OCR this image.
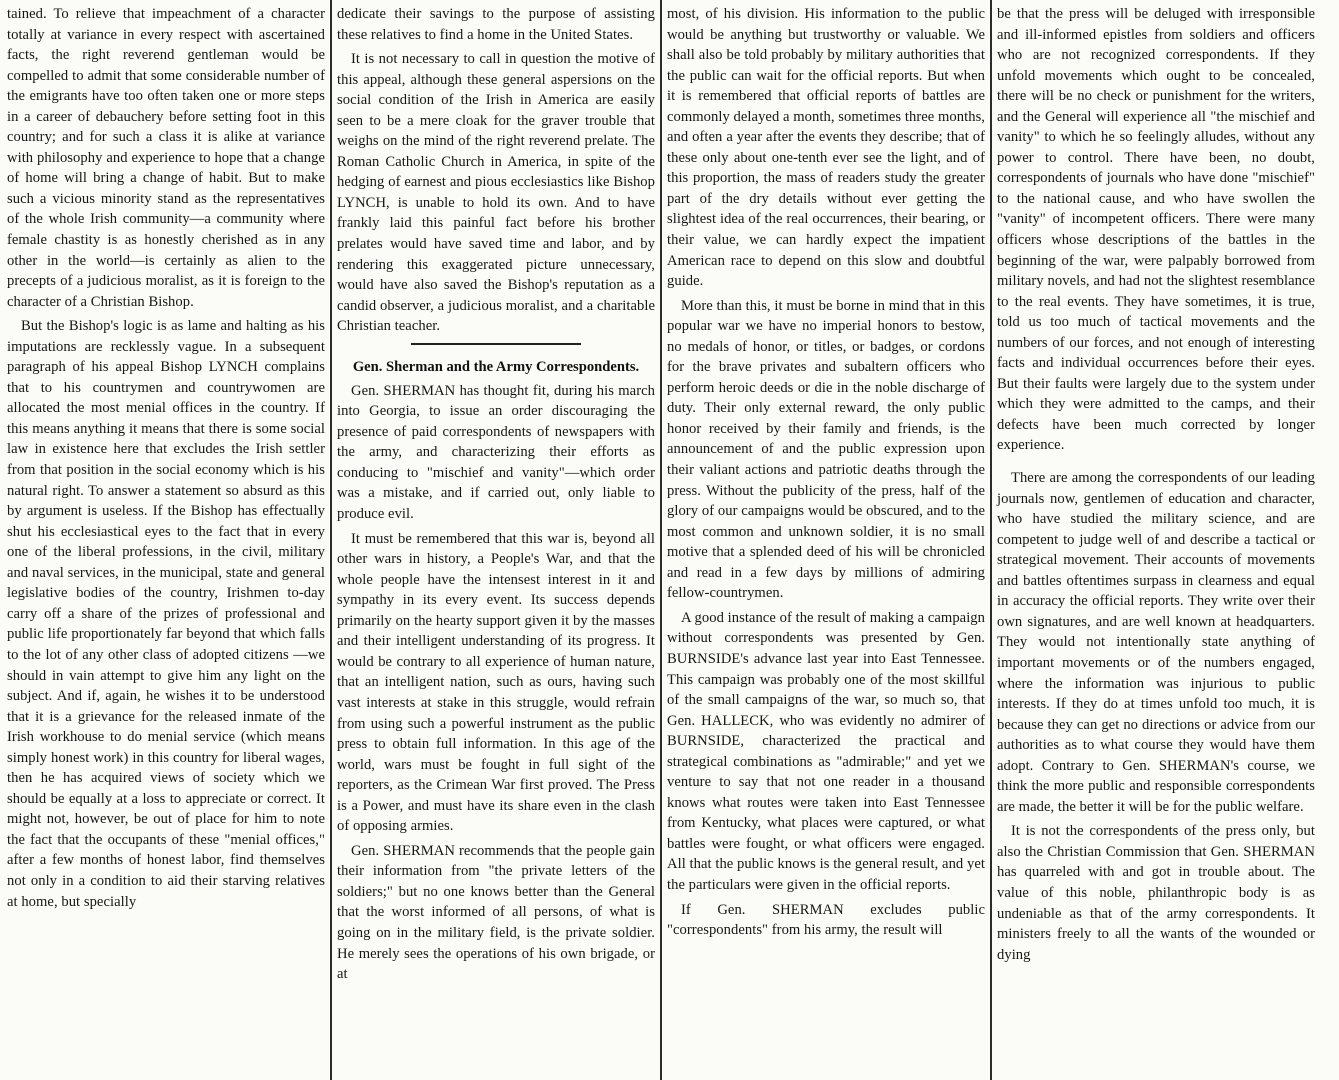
tained. To relieve that impeachment of a character totally at variance in every respect with ascertained facts, the right reverend gentleman would be compelled to admit that some considerable number of the emigrants have too often taken one or more steps in a career of debauchery before setting foot in this country; and for such a class it is alike at variance with philosophy and experience to hope that a change of home will bring a change of habit. But to make such a vicious minority stand as the representatives of the whole Irish community—a community where female chastity is as honestly cherished as in any other in the world—is certainly as alien to the precepts of a judicious moralist, as it is foreign to the character of a Christian Bishop.

But the Bishop's logic is as lame and halting as his imputations are recklessly vague. In a subsequent paragraph of his appeal Bishop LYNCH complains that to his countrymen and countrywomen are allocated the most menial offices in the country. If this means anything it means that there is some social law in existence here that excludes the Irish settler from that position in the social economy which is his natural right. To answer a statement so absurd as this by argument is useless. If the Bishop has effectually shut his ecclesiastical eyes to the fact that in every one of the liberal professions, in the civil, military and naval services, in the municipal, state and general legislative bodies of the country, Irishmen to-day carry off a share of the prizes of professional and public life proportionately far beyond that which falls to the lot of any other class of adopted citizens —we should in vain attempt to give him any light on the subject. And if, again, he wishes it to be understood that it is a grievance for the released inmate of the Irish workhouse to do menial service (which means simply honest work) in this country for liberal wages, then he has acquired views of society which we should be equally at a loss to appreciate or correct. It might not, however, be out of place for him to note the fact that the occupants of these "menial offices," after a few months of honest labor, find themselves not only in a condition to aid their starving relatives at home, but specially

dedicate their savings to the purpose of assisting these relatives to find a home in the United States.

It is not necessary to call in question the motive of this appeal, although these general aspersions on the social condition of the Irish in America are easily seen to be a mere cloak for the graver trouble that weighs on the mind of the right reverend prelate. The Roman Catholic Church in America, in spite of the hedging of earnest and pious ecclesiastics like Bishop LYNCH, is unable to hold its own. And to have frankly laid this painful fact before his brother prelates would have saved time and labor, and by rendering this exaggerated picture unnecessary, would have also saved the Bishop's reputation as a candid observer, a judicious moralist, and a charitable Christian teacher.

Gen. Sherman and the Army Correspondents.

Gen. SHERMAN has thought fit, during his march into Georgia, to issue an order discouraging the presence of paid correspondents of newspapers with the army, and characterizing their efforts as conducing to "mischief and vanity"—which order was a mistake, and if carried out, only liable to produce evil.

It must be remembered that this war is, beyond all other wars in history, a People's War, and that the whole people have the intensest interest in it and sympathy in its every event. Its success depends primarily on the hearty support given it by the masses and their intelligent understanding of its progress. It would be contrary to all experience of human nature, that an intelligent nation, such as ours, having such vast interests at stake in this struggle, would refrain from using such a powerful instrument as the public press to obtain full information. In this age of the world, wars must be fought in full sight of the reporters, as the Crimean War first proved. The Press is a Power, and must have its share even in the clash of opposing armies.

Gen. SHERMAN recommends that the people gain their information from "the private letters of the soldiers;" but no one knows better than the General that the worst informed of all persons, of what is going on in the military field, is the private soldier. He merely sees the operations of his own brigade, or at

most, of his division. His information to the public would be anything but trustworthy or valuable. We shall also be told probably by military authorities that the public can wait for the official reports. But when it is remembered that official reports of battles are commonly delayed a month, sometimes three months, and often a year after the events they describe; that of these only about one-tenth ever see the light, and of this proportion, the mass of readers study the greater part of the dry details without ever getting the slightest idea of the real occurrences, their bearing, or their value, we can hardly expect the impatient American race to depend on this slow and doubtful guide.

More than this, it must be borne in mind that in this popular war we have no imperial honors to bestow, no medals of honor, or titles, or badges, or cordons for the brave privates and subaltern officers who perform heroic deeds or die in the noble discharge of duty. Their only external reward, the only public honor received by their family and friends, is the announcement of and the public expression upon their valiant actions and patriotic deaths through the press. Without the publicity of the press, half of the glory of our campaigns would be obscured, and to the most common and unknown soldier, it is no small motive that a splended deed of his will be chronicled and read in a few days by millions of admiring fellow-countrymen.

A good instance of the result of making a campaign without correspondents was presented by Gen. BURNSIDE's advance last year into East Tennessee. This campaign was probably one of the most skillful of the small campaigns of the war, so much so, that Gen. HALLECK, who was evidently no admirer of BURNSIDE, characterized the practical and strategical combinations as "admirable;" and yet we venture to say that not one reader in a thousand knows what routes were taken into East Tennessee from Kentucky, what places were captured, or what battles were fought, or what officers were engaged. All that the public knows is the general result, and yet the particulars were given in the official reports.

If Gen. SHERMAN excludes public "correspondents" from his army, the result will

be that the press will be deluged with irresponsible and ill-informed epistles from soldiers and officers who are not recognized correspondents. If they unfold movements which ought to be concealed, there will be no check or punishment for the writers, and the General will experience all "the mischief and vanity" to which he so feelingly alludes, without any power to control. There have been, no doubt, correspondents of journals who have done "mischief" to the national cause, and who have swollen the "vanity" of incompetent officers. There were many officers whose descriptions of the battles in the beginning of the war, were palpably borrowed from military novels, and had not the slightest resemblance to the real events. They have sometimes, it is true, told us too much of tactical movements and the numbers of our forces, and not enough of interesting facts and individual occurrences before their eyes. But their faults were largely due to the system under which they were admitted to the camps, and their defects have been much corrected by longer experience.

There are among the correspondents of our leading journals now, gentlemen of education and character, who have studied the military science, and are competent to judge well of and describe a tactical or strategical movement. Their accounts of movements and battles oftentimes surpass in clearness and equal in accuracy the official reports. They write over their own signatures, and are well known at headquarters. They would not intentionally state anything of important movements or of the numbers engaged, where the information was injurious to public interests. If they do at times unfold too much, it is because they can get no directions or advice from our authorities as to what course they would have them adopt. Contrary to Gen. SHERMAN's course, we think the more public and responsible correspondents are made, the better it will be for the public welfare.

It is not the correspondents of the press only, but also the Christian Commission that Gen. SHERMAN has quarreled with and got in trouble about. The value of this noble, philanthropic body is as undeniable as that of the army correspondents. It ministers freely to all the wants of the wounded or dying
